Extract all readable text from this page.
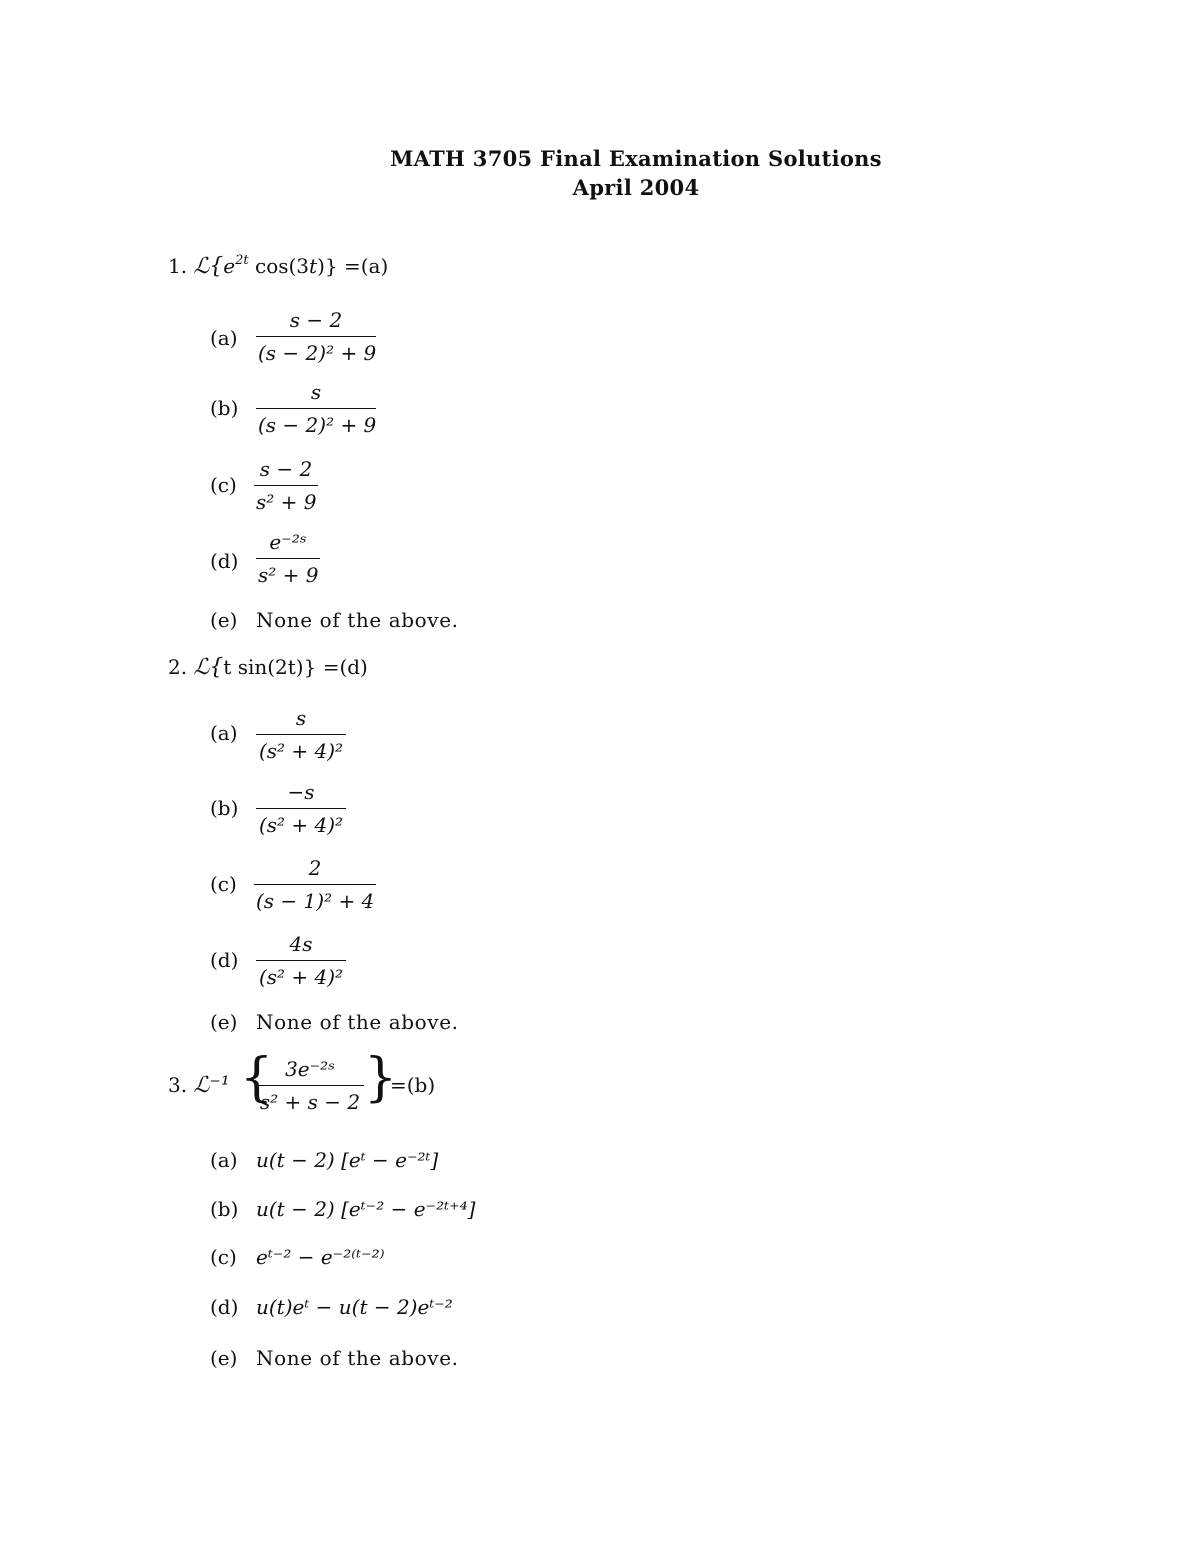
MATH 3705 Final Examination Solutions
April 2004
1. $ℒ\{e^{2t}$ cos(3t)} =(a)
$(a) \frac{s - 2}{\text{(s − 2)² + 9}}$
$(b) \frac{s}{\text{(s − 2)² + 9}}$
$(c) \frac{s - 2}{\text{s² + 9}}$
$(d) \frac{\text{e⁻²ˢ}}{\text{s² + 9}}$
(e) None of the above.
2. ℒ{t sin(2t)} =(d)
$(a) \frac{s}{\text{(s² + 4)²}}$
$(b) \frac{-s}{\text{(s² + 4)²}}$
$(c) \frac{2}{\text{(s − 1)² + 4}}$
$(d) \frac{4s}{\text{(s² + 4)²}}$
(e) None of the above.
3. ℒ⁻¹ {
$\frac{\text{3e⁻²ˢ}}{\text{s² + s − 2}}$ }
=(b)
(a) u(t − 2) [eᵗ − e⁻²ᵗ]
(b) u(t − 2) [eᵗ⁻² − e⁻²ᵗ⁺⁴]
(c) eᵗ⁻² − e⁻²⁽ᵗ⁻²⁾
(d) u(t)eᵗ − u(t − 2)eᵗ⁻²
(e) None of the above.
